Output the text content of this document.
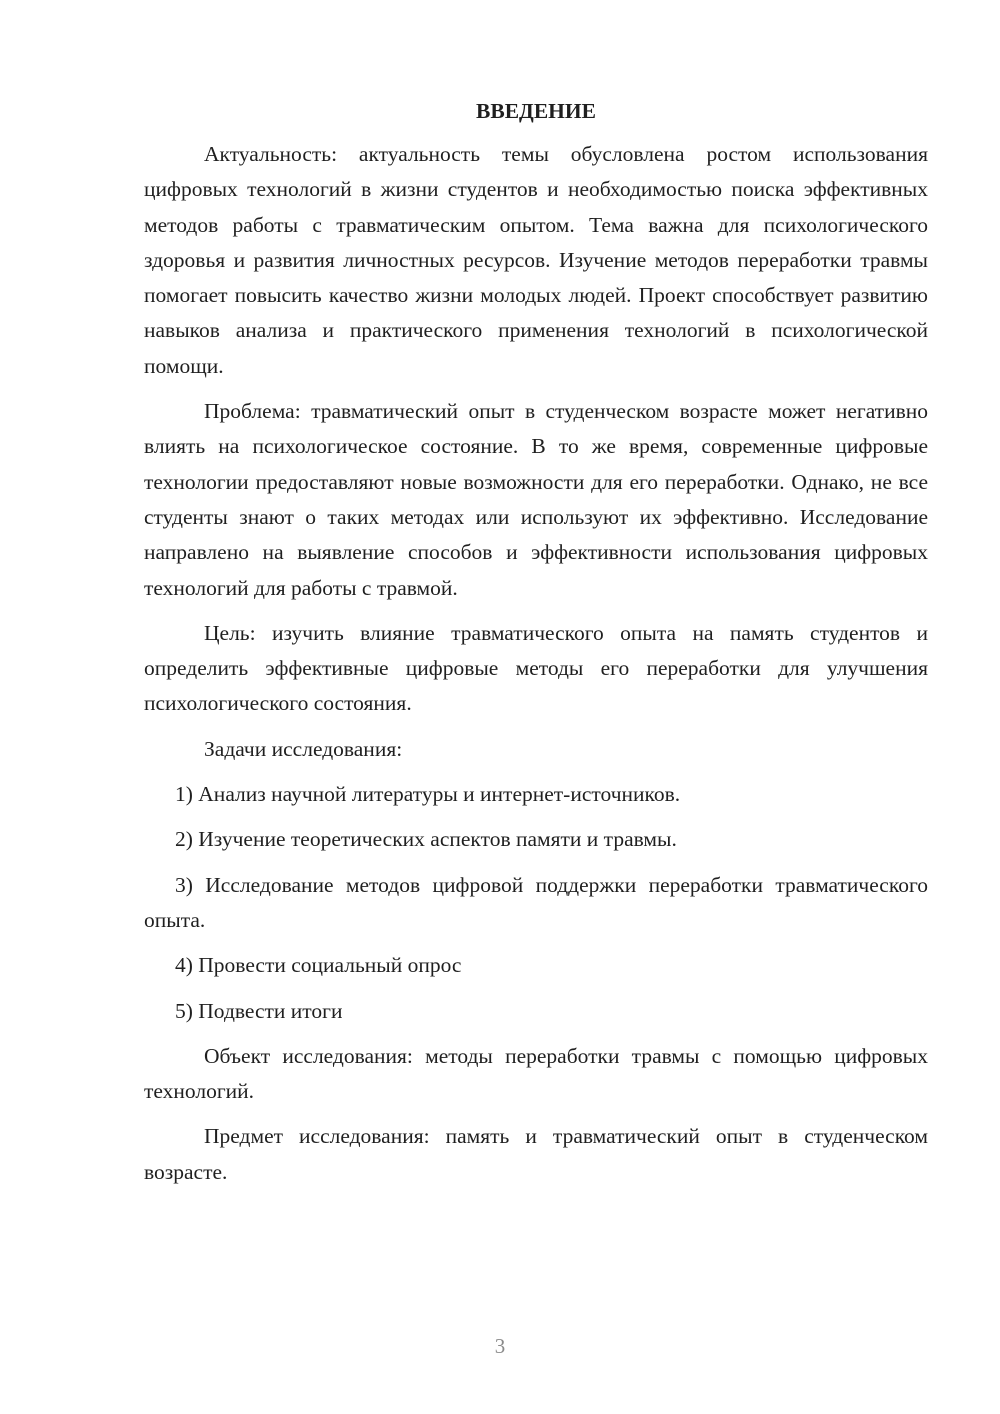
ВВЕДЕНИЕ

Актуальность: актуальность темы обусловлена ростом использования цифровых технологий в жизни студентов и необходимостью поиска эффективных методов работы с травматическим опытом. Тема важна для психологического здоровья и развития личностных ресурсов. Изучение методов переработки травмы помогает повысить качество жизни молодых людей. Проект способствует развитию навыков анализа и практического применения технологий в психологической помощи.

Проблема: травматический опыт в студенческом возрасте может негативно влиять на психологическое состояние. В то же время, современные цифровые технологии предоставляют новые возможности для его переработки. Однако, не все студенты знают о таких методах или используют их эффективно. Исследование направлено на выявление способов и эффективности использования цифровых технологий для работы с травмой.

Цель: изучить влияние травматического опыта на память студентов и определить эффективные цифровые методы его переработки для улучшения психологического состояния.

Задачи исследования:

1) Анализ научной литературы и интернет-источников.

2) Изучение теоретических аспектов памяти и травмы.

3) Исследование методов цифровой поддержки переработки травматического опыта.

4) Провести социальный опрос

5) Подвести итоги

Объект исследования: методы переработки травмы с помощью цифровых технологий.

Предмет исследования: память и травматический опыт в студенческом возрасте.

3
